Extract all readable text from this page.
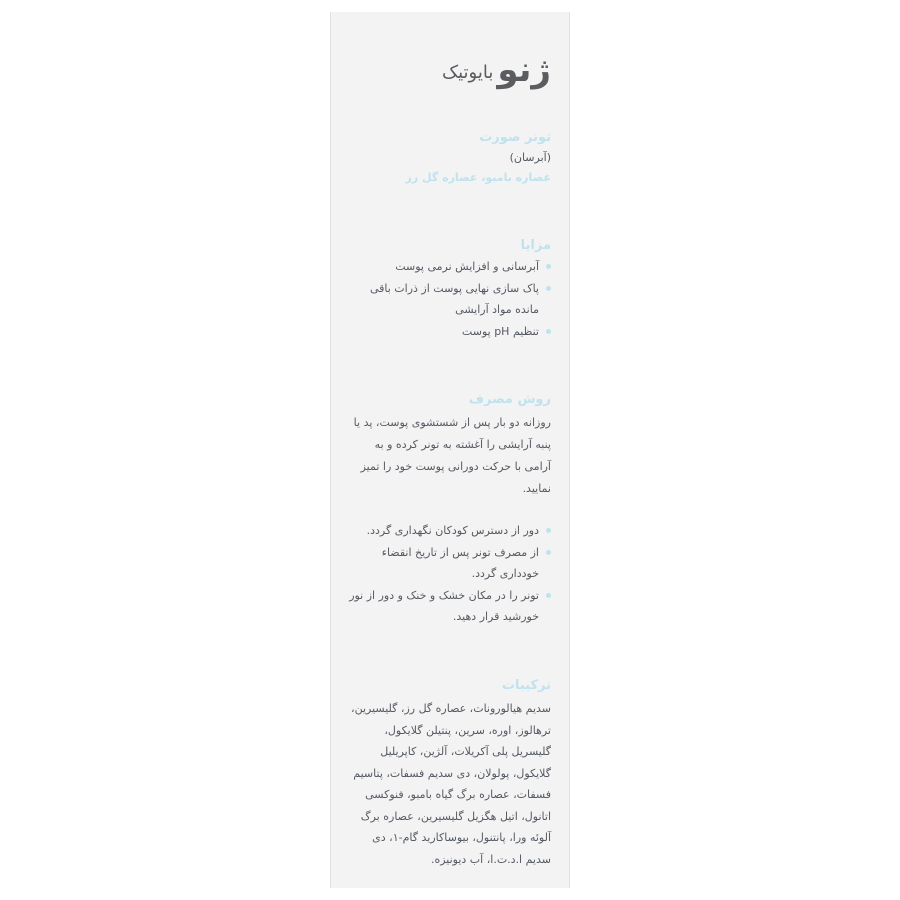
ژنو
بایوتیک
تونر صورت
(آبرسان)
عصاره بامبو، عصاره گل رز
مزایا
آبرسانی و افزایش نرمی پوست
پاک سازی نهایی پوست از ذرات باقی مانده مواد آرایشی
تنظیم pH پوست
روش مصرف

روزانه دو بار پس از شستشوی پوست، پد یا پنبه آرایشی را آغشته به تونر کرده و به آرامی با حرکت دورانی پوست خود را تمیز نمایید.

دور از دسترس کودکان نگهداری گردد.
از مصرف تونر پس از تاریخ انقضاء خودداری گردد.
تونر را در مکان خشک و خنک و دور از نور خورشید قرار دهید.
ترکیبات

سدیم هیالورونات، عصاره گل رز، گلیسیرین، ترهالوز، اوره، سرین، پنتیلن گلایکول، گلیسریل پلی آکریلات، آلژین، کاپریلیل گلایکول، پولولان، دی سدیم فسفات، پتاسیم فسفات، عصاره برگ گیاه بامبو، فنوکسی اتانول، اتیل هگزیل گلیسیرین، عصاره برگ آلوئه ورا، پانتنول، بیوساکارید گام-۱، دی سدیم ا.د.ت.ا، آب دیونیزه.
